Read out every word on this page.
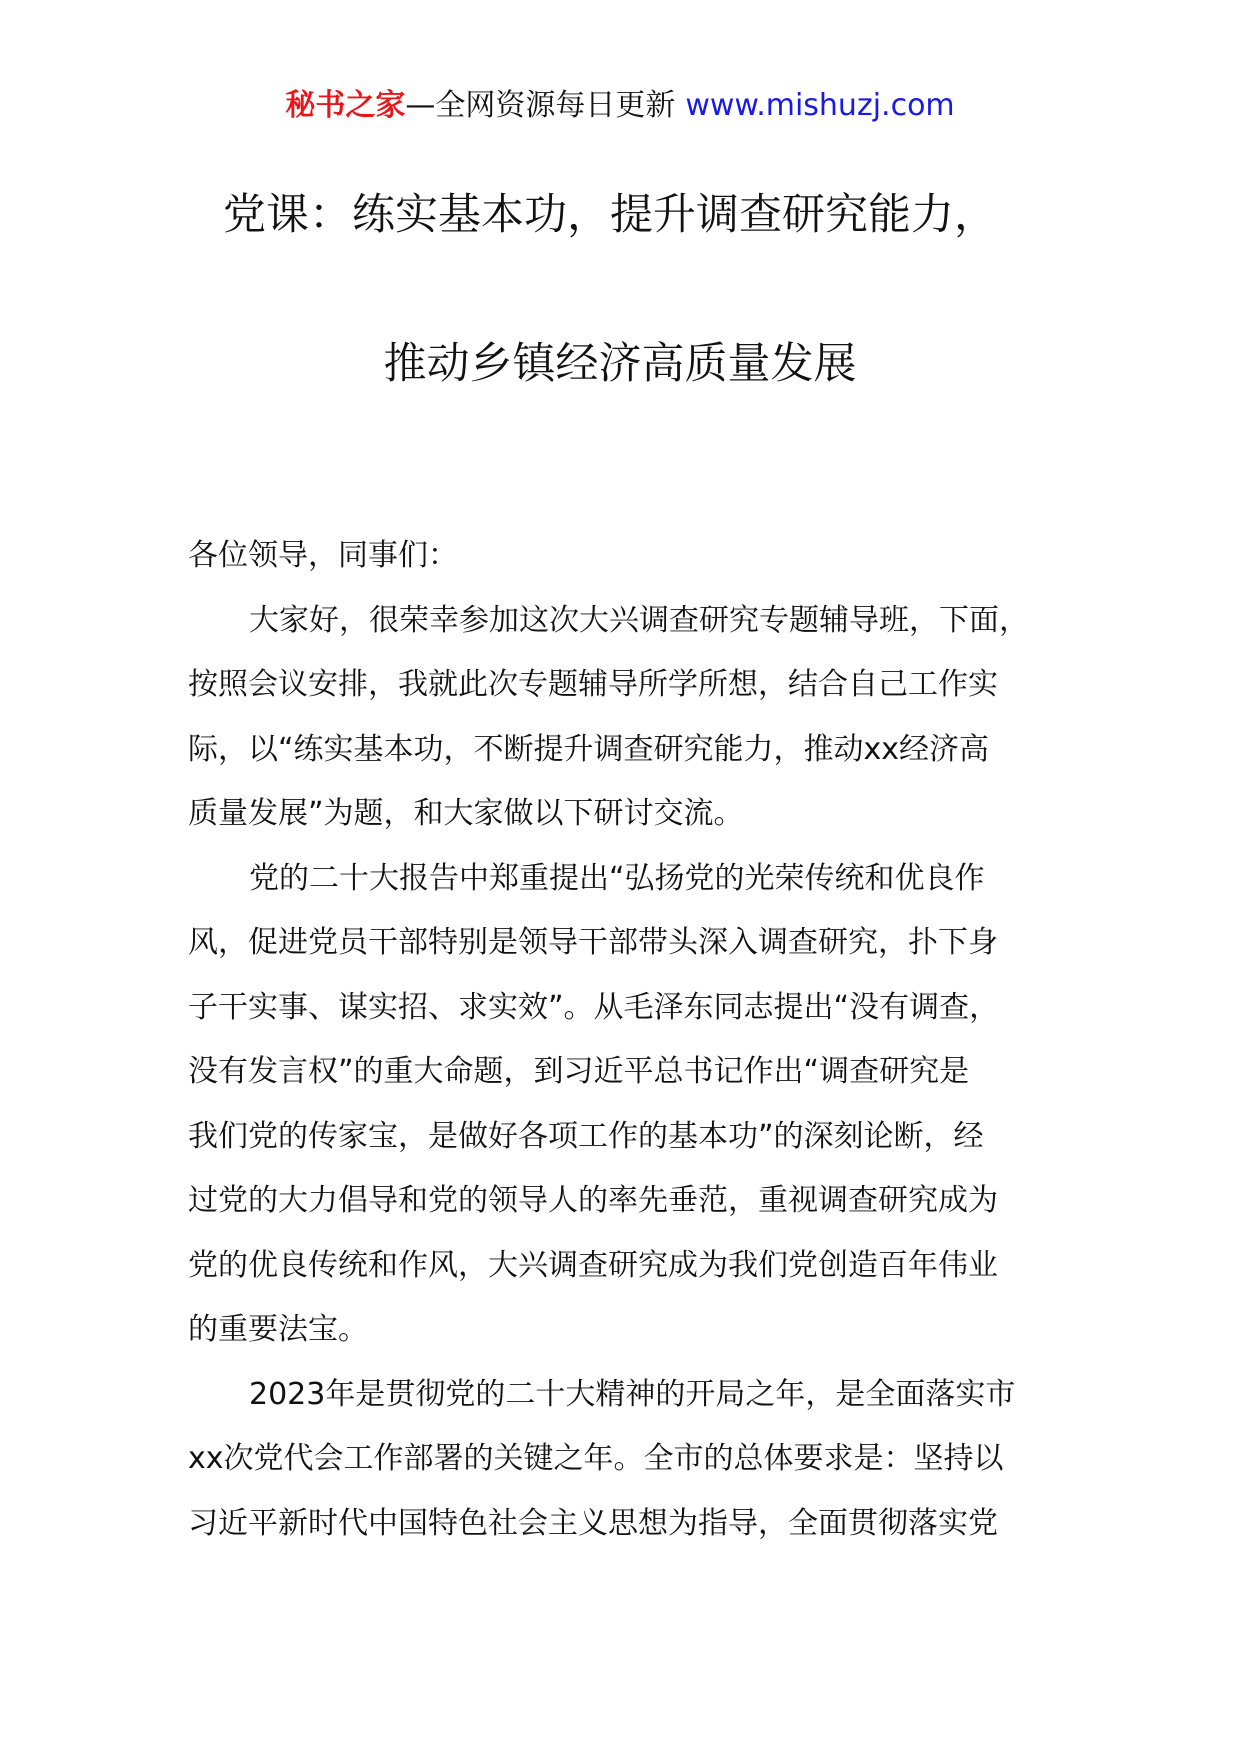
秘书之家—全网资源每日更新 www.mishuzj.com
党课：练实基本功，提升调查研究能力，
推动乡镇经济高质量发展
各位领导，同事们：
大家好，很荣幸参加这次大兴调查研究专题辅导班，下面，
按照会议安排，我就此次专题辅导所学所想，结合自己工作实
际，以“练实基本功，不断提升调查研究能力，推动xx经济高
质量发展”为题，和大家做以下研讨交流。
党的二十大报告中郑重提出“弘扬党的光荣传统和优良作
风，促进党员干部特别是领导干部带头深入调查研究，扑下身
子干实事、谋实招、求实效”。从毛泽东同志提出“没有调查，
没有发言权”的重大命题，到习近平总书记作出“调查研究是
我们党的传家宝，是做好各项工作的基本功”的深刻论断，经
过党的大力倡导和党的领导人的率先垂范，重视调查研究成为
党的优良传统和作风，大兴调查研究成为我们党创造百年伟业
的重要法宝。
2023年是贯彻党的二十大精神的开局之年，是全面落实市
xx次党代会工作部署的关键之年。全市的总体要求是：坚持以
习近平新时代中国特色社会主义思想为指导，全面贯彻落实党
